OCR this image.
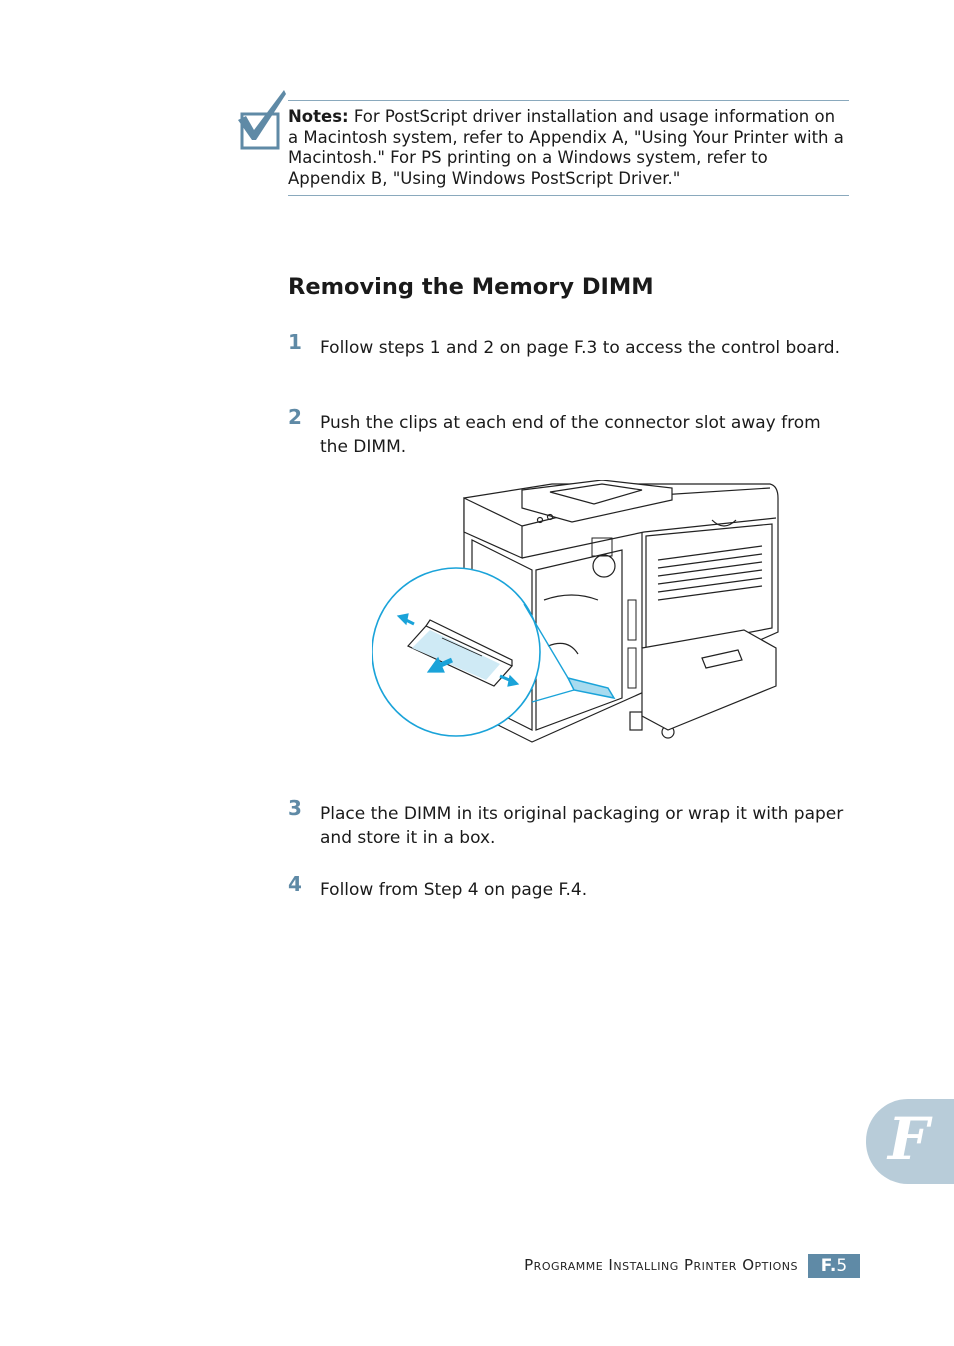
Notes: For PostScript driver installation and usage information on a Macintosh system, refer to Appendix A, "Using Your Printer with a Macintosh." For PS printing on a Windows system, refer to Appendix B, "Using Windows PostScript Driver."

Removing the Memory DIMM
1 Follow steps 1 and 2 on page F.3 to access the control board.

2 Push the clips at each end of the connector slot away from the DIMM.

3 Place the DIMM in its original packaging or wrap it with paper and store it in a box.

4 Follow from Step 4 on page F.4.

F
Programme Installing Printer Options	F.5
